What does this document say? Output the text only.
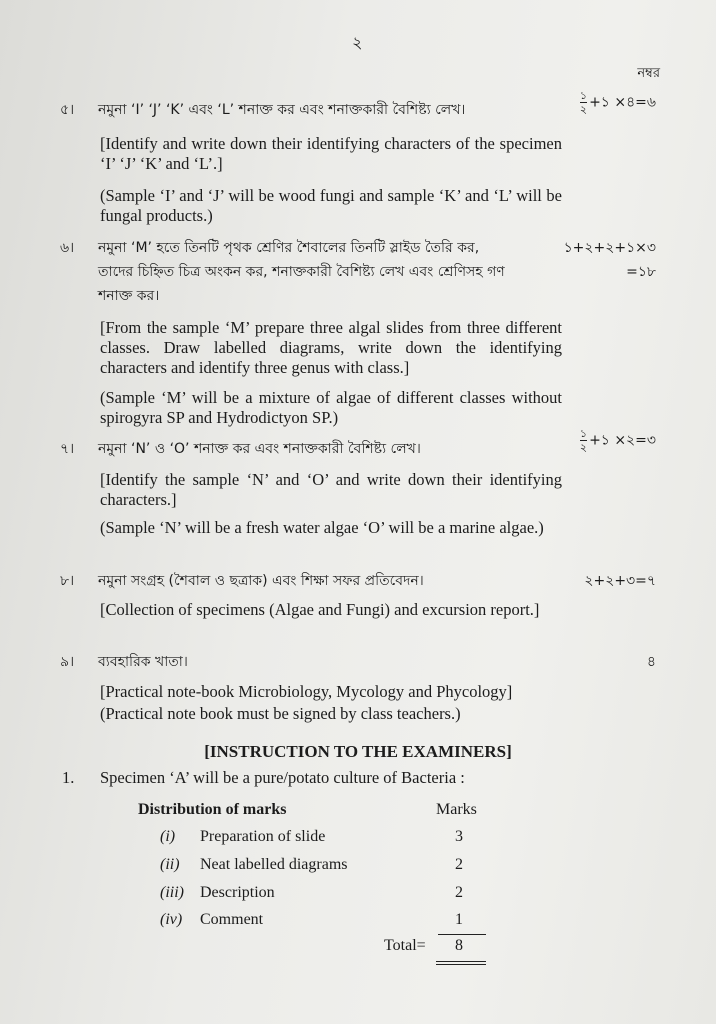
২
নম্বর
৫। নমুনা ‘I’ ‘J’ ‘K’ এবং ‘L’ শনাক্ত কর এবং শনাক্তকারী বৈশিষ্ট্য লেখ।	$\frac{১}{২}$ +১ ×৪=৬
[Identify and write down their identifying characters of the specimen ‘I’ ‘J’ ‘K’ and ‘L’.]
(Sample ‘I’ and ‘J’ will be wood fungi and sample ‘K’ and ‘L’ will be fungal products.)
৬। নমুনা ‘M’ হতে তিনটি পৃথক শ্রেণির শৈবালের তিনটি স্লাইড তৈরি কর,
তাদের চিহ্নিত চিত্র অংকন কর, শনাক্তকারী বৈশিষ্ট্য লেখ এবং শ্রেণিসহ গণ
শনাক্ত কর।
১+২+২+১×৩
=১৮
[From the sample ‘M’ prepare three algal slides from three different classes. Draw labelled diagrams, write down the identifying characters and identify three genus with class.]
(Sample ‘M’ will be a mixture of algae of different classes without spirogyra SP and Hydrodictyon SP.)
৭। নমুনা ‘N’ ও ‘O’ শনাক্ত কর এবং শনাক্তকারী বৈশিষ্ট্য লেখ।	$\frac{১}{২}$ +১ ×২=৩
[Identify the sample ‘N’ and ‘O’ and write down their identifying characters.]
(Sample ‘N’ will be a fresh water algae ‘O’ will be a marine algae.)
৮। নমুনা সংগ্রহ (শৈবাল ও ছত্রাক) এবং শিক্ষা সফর প্রতিবেদন।	২+২+৩=৭
[Collection of specimens (Algae and Fungi) and excursion report.]
৯। ব্যবহারিক খাতা।	৪
[Practical note-book Microbiology, Mycology and Phycology]
(Practical note book must be signed by class teachers.)
[INSTRUCTION TO THE EXAMINERS]
1. Specimen ‘A’ will be a pure/potato culture of Bacteria :
Distribution of marks	Marks
(i) Preparation of slide	3
(ii) Neat labelled diagrams	2
(iii) Description	2
(iv) Comment	1
Total= 8
